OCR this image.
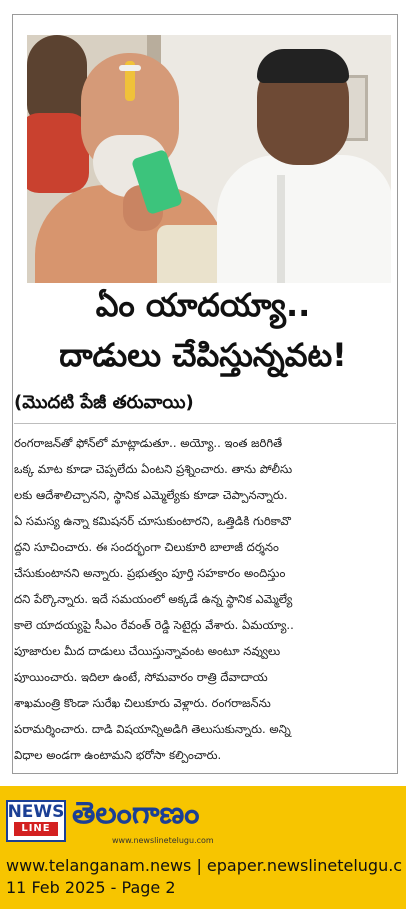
ఏం యాదయ్యా..
దాడులు చేపిస్తున్నవట!
(మొదటి పేజీ తరువాయి)
రంగరాజన్‌తో ఫోన్‌లో మాట్లాడుతూ.. అయ్యో.. ఇంత జరిగితే
ఒక్క మాట కూడా చెప్పలేదు ఏంటని ప్రశ్నించారు. తాను పోలీసు
లకు ఆదేశాలిచ్చానని, స్థానిక ఎమ్మెల్యేకు కూడా చెప్పానన్నారు.
ఏ సమస్య ఉన్నా కమిషనర్ చూసుకుంటారని, ఒత్తిడికి గురికావొ
ద్దని సూచించారు. ఈ సందర్భంగా చిలుకూరి బాలాజీ దర్శనం
చేసుకుంటానని అన్నారు. ప్రభుత్వం పూర్తి సహకారం అందిస్తుం
దని పేర్కొన్నారు. ఇదే సమయంలో అక్కడే ఉన్న స్థానిక ఎమ్మెల్యే
కాలె యాదయ్యపై సీఎం రేవంత్ రెడ్డి సెటైర్లు వేశారు. ఏమయ్యా..
పూజారుల మీద దాడులు చేయిస్తున్నావంట అంటూ నవ్వులు
పూయించారు. ఇదిలా ఉంటే, సోమవారం రాత్రి దేవాదాయ
శాఖమంత్రి కొండా సురేఖ చిలుకూరు వెళ్లారు. రంగరాజన్‌ను
పరామర్శించారు. దాడి విషయాన్నిఅడిగి తెలుసుకున్నారు. అన్ని
విధాల అండగా ఉంటామని భరోసా కల్పించారు.
NEWS
LINE తెలంగాణం
www.newslinetelugu.com
www.telanganam.news | epaper.newslinetelugu.c
11 Feb 2025 - Page 2
